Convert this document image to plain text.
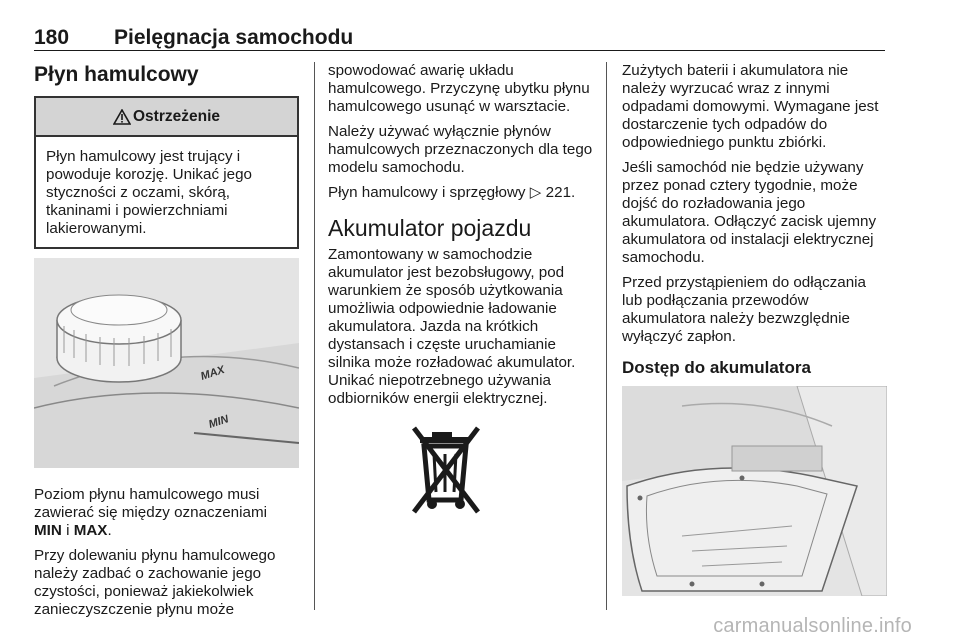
180 Pielęgnacja samochodu
Płyn hamulcowy
Ostrzeżenie
Płyn hamulcowy jest trujący i powoduje korozję. Unikać jego styczności z oczami, skórą, tkaninami i powierzchniami lakierowanymi.
MAX
MIN

Poziom płynu hamulcowego musi zawierać się między oznaczeniami MIN i MAX.

Przy dolewaniu płynu hamulcowego należy zadbać o zachowanie jego czystości, ponieważ jakiekolwiek zanieczyszczenie płynu może

spowodować awarię układu hamulcowego. Przyczynę ubytku płynu hamulcowego usunąć w warsztacie.

Należy używać wyłącznie płynów hamulcowych przeznaczonych dla tego modelu samochodu.

Płyn hamulcowy i sprzęgłowy ▷ 221.

Akumulator pojazdu

Zamontowany w samochodzie akumulator jest bezobsługowy, pod warunkiem że sposób użytkowania umożliwia odpowiednie ładowanie akumulatora. Jazda na krótkich dystansach i częste uruchamianie silnika może rozładować akumulator. Unikać niepotrzebnego używania odbiorników energii elektrycznej.

Zużytych baterii i akumulatora nie należy wyrzucać wraz z innymi odpadami domowymi. Wymagane jest dostarczenie tych odpadów do odpowiedniego punktu zbiórki.

Jeśli samochód nie będzie używany przez ponad cztery tygodnie, może dojść do rozładowania jego akumulatora. Odłączyć zacisk ujemny akumulatora od instalacji elektrycznej samochodu.

Przed przystąpieniem do odłączania lub podłączania przewodów akumulatora należy bezwzględnie wyłączyć zapłon.

Dostęp do akumulatora
carmanualsonline.info
